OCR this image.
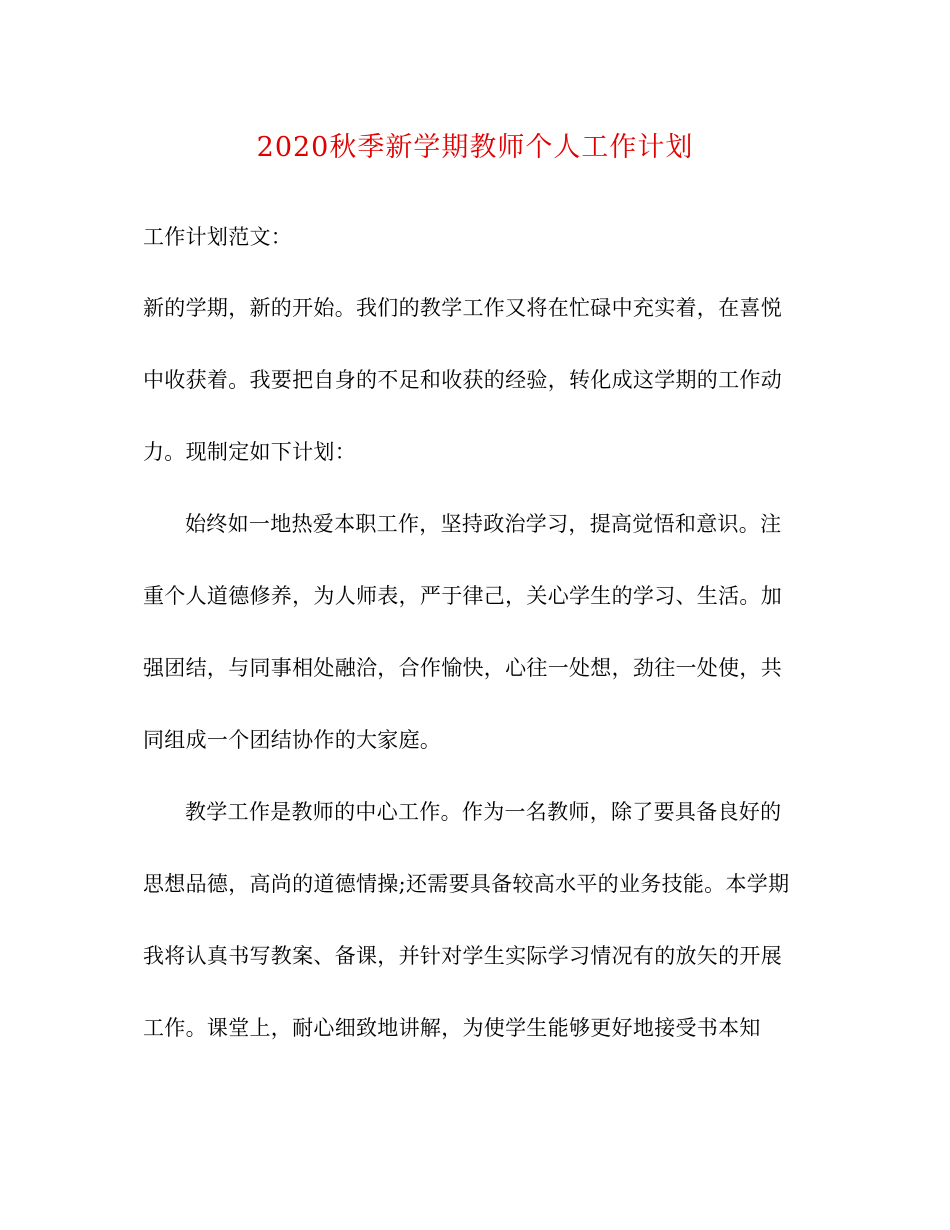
2020秋季新学期教师个人工作计划

工作计划范文：

新的学期，新的开始。我们的教学工作又将在忙碌中充实着，在喜悦

中收获着。我要把自身的不足和收获的经验，转化成这学期的工作动

力。现制定如下计划：

始终如一地热爱本职工作，坚持政治学习，提高觉悟和意识。注

重个人道德修养，为人师表，严于律己，关心学生的学习、生活。加

强团结，与同事相处融洽，合作愉快，心往一处想，劲往一处使，共

同组成一个团结协作的大家庭。

教学工作是教师的中心工作。作为一名教师，除了要具备良好的

思想品德，高尚的道德情操;还需要具备较高水平的业务技能。本学期

我将认真书写教案、备课，并针对学生实际学习情况有的放矢的开展

工作。课堂上，耐心细致地讲解，为使学生能够更好地接受书本知
